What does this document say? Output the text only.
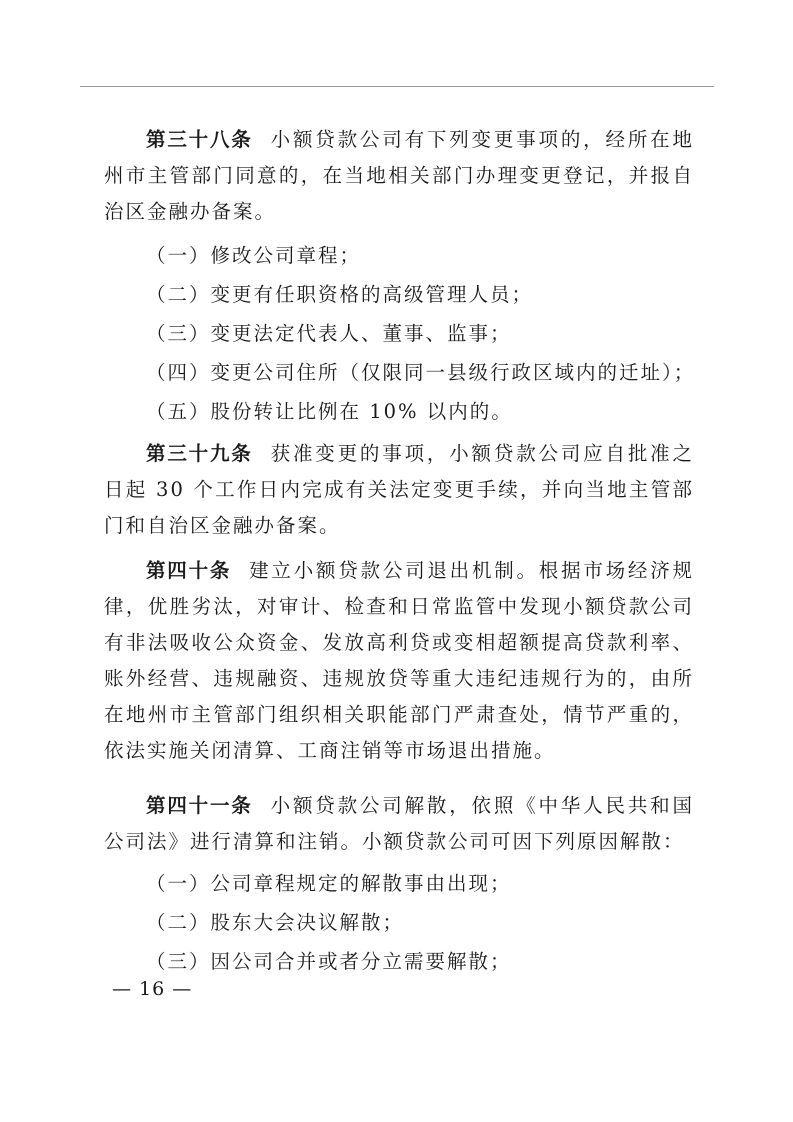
第三十八条 小额贷款公司有下列变更事项的，经所在地州市主管部门同意的，在当地相关部门办理变更登记，并报自治区金融办备案。

（一）修改公司章程；

（二）变更有任职资格的高级管理人员；

（三）变更法定代表人、董事、监事；

（四）变更公司住所（仅限同一县级行政区域内的迁址）；

（五）股份转让比例在 10% 以内的。

第三十九条 获准变更的事项，小额贷款公司应自批准之日起 30 个工作日内完成有关法定变更手续，并向当地主管部门和自治区金融办备案。

第四十条 建立小额贷款公司退出机制。根据市场经济规律，优胜劣汰，对审计、检查和日常监管中发现小额贷款公司有非法吸收公众资金、发放高利贷或变相超额提高贷款利率、账外经营、违规融资、违规放贷等重大违纪违规行为的，由所在地州市主管部门组织相关职能部门严肃查处，情节严重的，依法实施关闭清算、工商注销等市场退出措施。

第四十一条 小额贷款公司解散，依照《中华人民共和国公司法》进行清算和注销。小额贷款公司可因下列原因解散：

（一）公司章程规定的解散事由出现；

（二）股东大会决议解散；

（三）因公司合并或者分立需要解散；

— 16 —
